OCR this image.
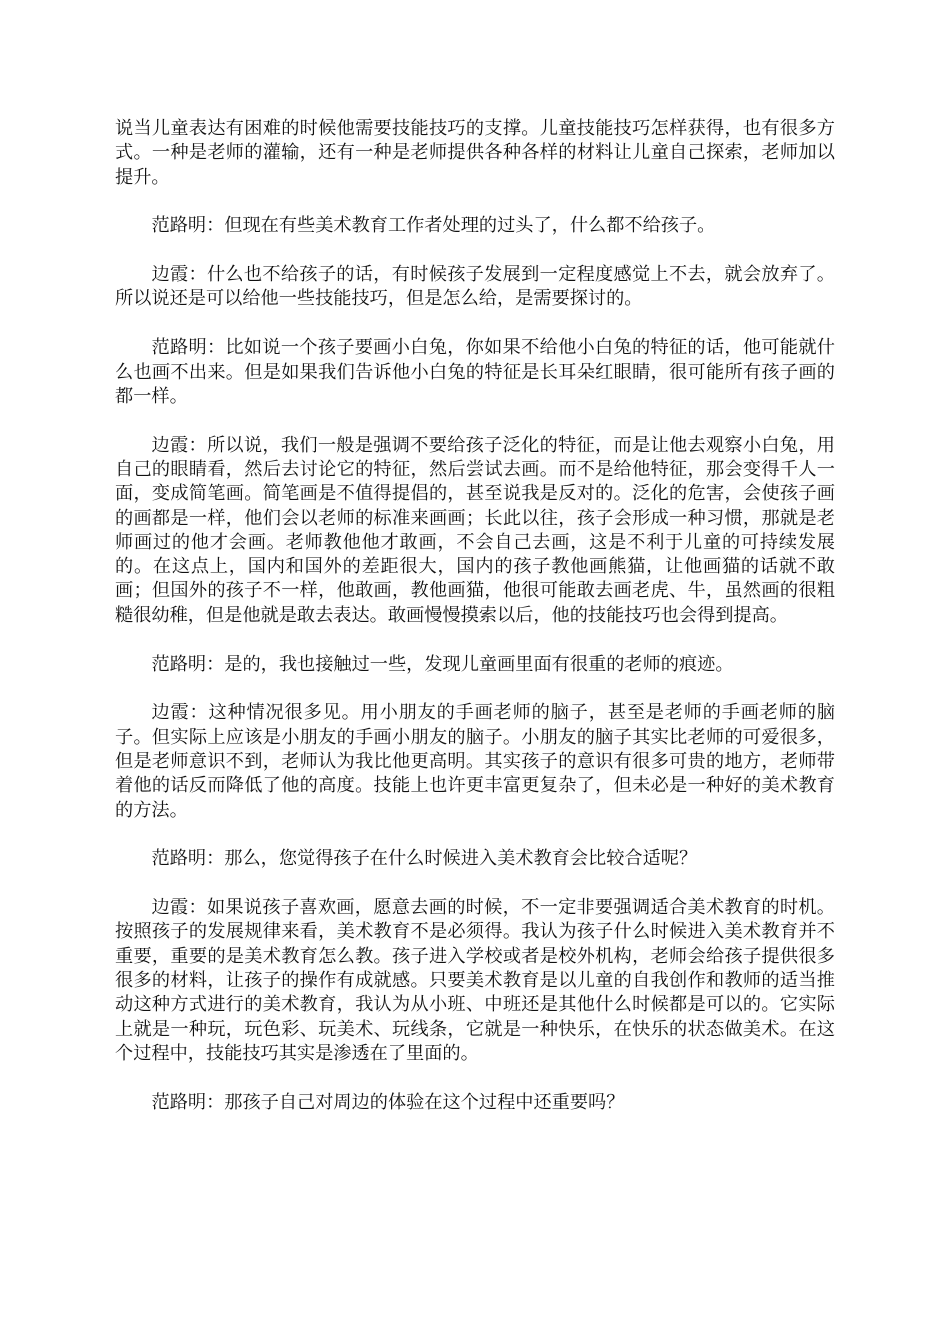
说当儿童表达有困难的时候他需要技能技巧的支撑。儿童技能技巧怎样获得，也有很多方式。一种是老师的灌输，还有一种是老师提供各种各样的材料让儿童自己探索，老师加以提升。

范路明：但现在有些美术教育工作者处理的过头了，什么都不给孩子。

边霞：什么也不给孩子的话，有时候孩子发展到一定程度感觉上不去，就会放弃了。所以说还是可以给他一些技能技巧，但是怎么给，是需要探讨的。

范路明：比如说一个孩子要画小白兔，你如果不给他小白兔的特征的话，他可能就什么也画不出来。但是如果我们告诉他小白兔的特征是长耳朵红眼睛，很可能所有孩子画的都一样。

边霞：所以说，我们一般是强调不要给孩子泛化的特征，而是让他去观察小白兔，用自己的眼睛看，然后去讨论它的特征，然后尝试去画。而不是给他特征，那会变得千人一面，变成简笔画。简笔画是不值得提倡的，甚至说我是反对的。泛化的危害，会使孩子画的画都是一样，他们会以老师的标准来画画；长此以往，孩子会形成一种习惯，那就是老师画过的他才会画。老师教他他才敢画，不会自己去画，这是不利于儿童的可持续发展的。在这点上，国内和国外的差距很大，国内的孩子教他画熊猫，让他画猫的话就不敢画；但国外的孩子不一样，他敢画，教他画猫，他很可能敢去画老虎、牛，虽然画的很粗糙很幼稚，但是他就是敢去表达。敢画慢慢摸索以后，他的技能技巧也会得到提高。

范路明：是的，我也接触过一些，发现儿童画里面有很重的老师的痕迹。

边霞：这种情况很多见。用小朋友的手画老师的脑子，甚至是老师的手画老师的脑子。但实际上应该是小朋友的手画小朋友的脑子。小朋友的脑子其实比老师的可爱很多，但是老师意识不到，老师认为我比他更高明。其实孩子的意识有很多可贵的地方，老师带着他的话反而降低了他的高度。技能上也许更丰富更复杂了，但未必是一种好的美术教育的方法。

范路明：那么，您觉得孩子在什么时候进入美术教育会比较合适呢？

边霞：如果说孩子喜欢画，愿意去画的时候，不一定非要强调适合美术教育的时机。按照孩子的发展规律来看，美术教育不是必须得。我认为孩子什么时候进入美术教育并不重要，重要的是美术教育怎么教。孩子进入学校或者是校外机构，老师会给孩子提供很多很多的材料，让孩子的操作有成就感。只要美术教育是以儿童的自我创作和教师的适当推动这种方式进行的美术教育，我认为从小班、中班还是其他什么时候都是可以的。它实际上就是一种玩，玩色彩、玩美术、玩线条，它就是一种快乐，在快乐的状态做美术。在这个过程中，技能技巧其实是渗透在了里面的。

范路明：那孩子自己对周边的体验在这个过程中还重要吗？
